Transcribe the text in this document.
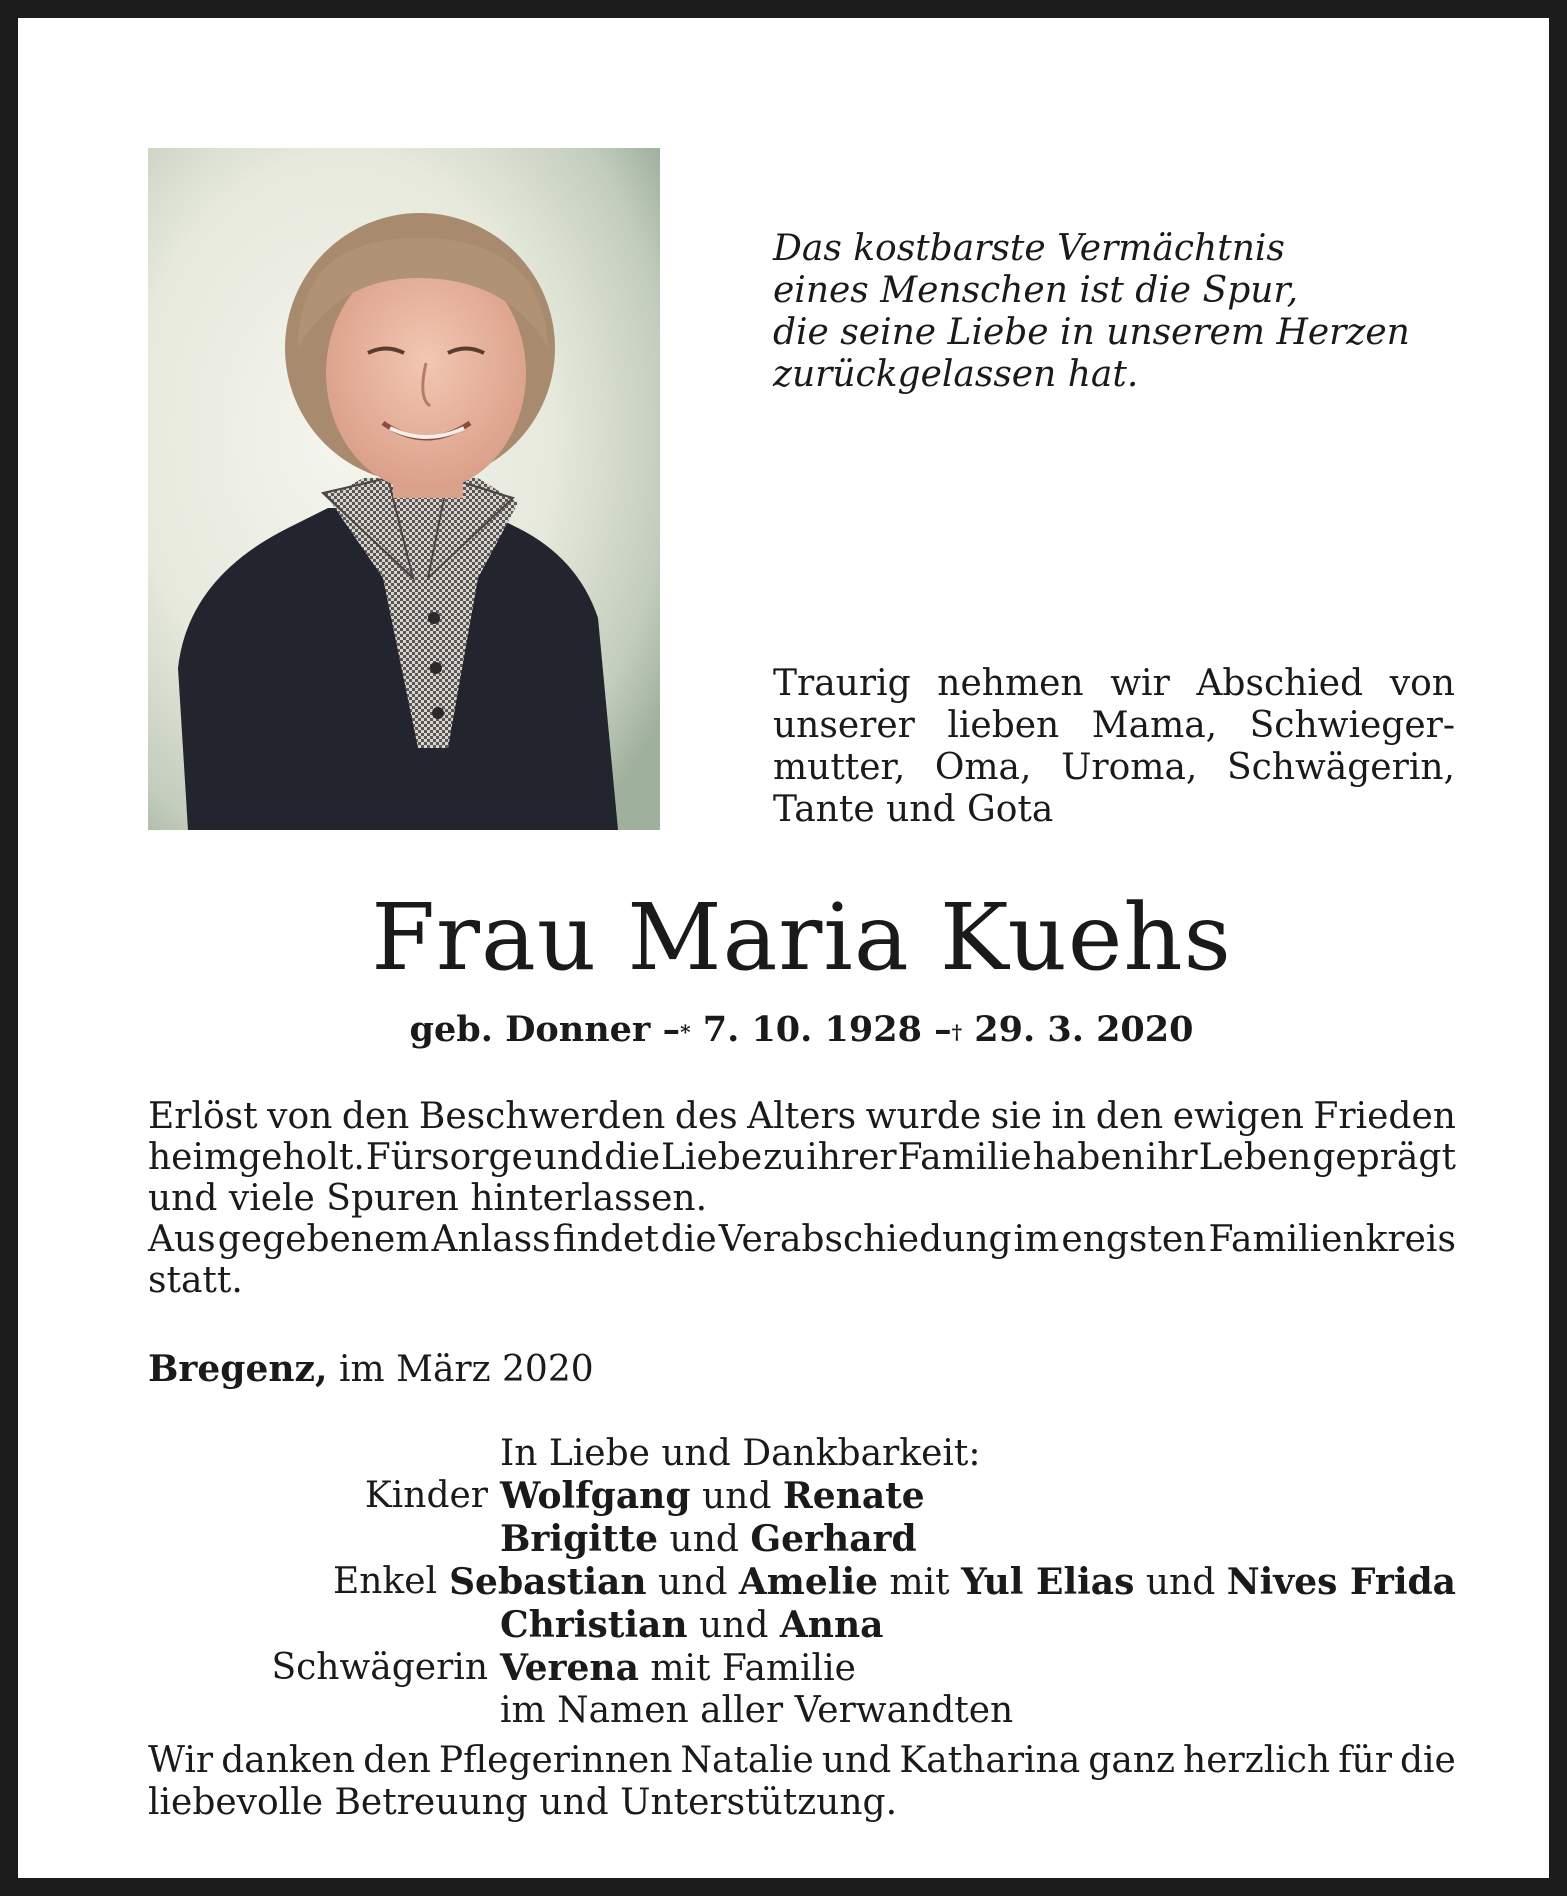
Das kostbarste Vermächtnis
eines Menschen ist die Spur,
die seine Liebe in unserem Herzen
zurückgelassen hat.
Traurig nehmen wir Abschied von
unserer lieben Mama, Schwieger-
mutter, Oma, Uroma, Schwägerin,
Tante und Gota
Frau Maria Kuehs
geb. Donner –* 7. 10. 1928 –† 29. 3. 2020
Erlöst von den Beschwerden des Alters wurde sie in den ewigen Frieden
heimgeholt. Fürsorge und die Liebe zu ihrer Familie haben ihr Leben geprägt
und viele Spuren hinterlassen.
Aus gegebenem Anlass findet die Verabschiedung im engsten Familienkreis
statt.
Bregenz, im März 2020
In Liebe und Dankbarkeit:
Kinder Wolfgang und Renate
Brigitte und Gerhard
Enkel Sebastian und Amelie mit Yul Elias und Nives Frida
Christian und Anna
Schwägerin Verena mit Familie
im Namen aller Verwandten
Wir danken den Pflegerinnen Natalie und Katharina ganz herzlich für die
liebevolle Betreuung und Unterstützung.
